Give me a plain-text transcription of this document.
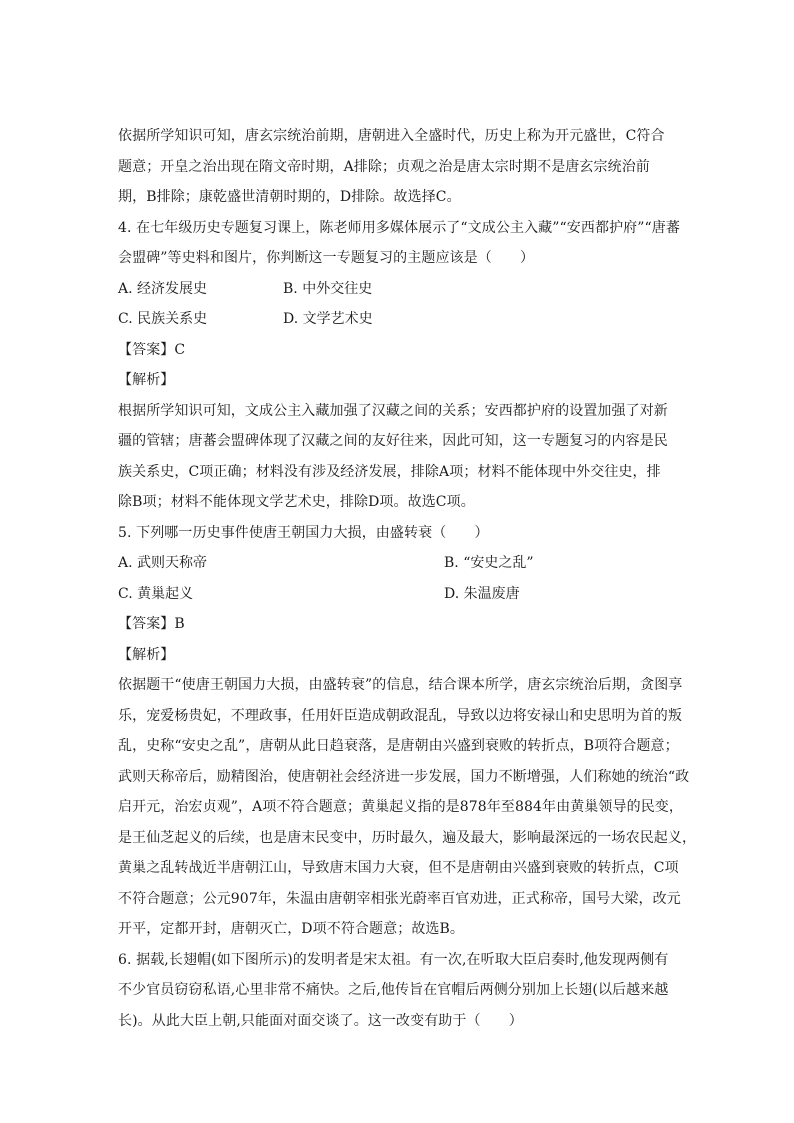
依据所学知识可知，唐玄宗统治前期，唐朝进入全盛时代，历史上称为开元盛世，C符合
题意；开皇之治出现在隋文帝时期，A排除；贞观之治是唐太宗时期不是唐玄宗统治前
期，B排除；康乾盛世清朝时期的，D排除。故选择C。
4. 在七年级历史专题复习课上，陈老师用多媒体展示了“文成公主入藏”“安西都护府”“唐蕃
会盟碑”等史料和图片，你判断这一专题复习的主题应该是（　　）
A. 经济发展史	B. 中外交往史
C. 民族关系史	D. 文学艺术史
【答案】C
【解析】
根据所学知识可知，文成公主入藏加强了汉藏之间的关系；安西都护府的设置加强了对新
疆的管辖；唐蕃会盟碑体现了汉藏之间的友好往来，因此可知，这一专题复习的内容是民
族关系史，C项正确；材料没有涉及经济发展，排除A项；材料不能体现中外交往史，排
除B项；材料不能体现文学艺术史，排除D项。故选C项。
5. 下列哪一历史事件使唐王朝国力大损，由盛转衰（　　）
A. 武则天称帝	B. “安史之乱”
C. 黄巢起义	D. 朱温废唐
【答案】B
【解析】
依据题干“使唐王朝国力大损，由盛转衰”的信息，结合课本所学，唐玄宗统治后期，贪图享
乐，宠爱杨贵妃，不理政事，任用奸臣造成朝政混乱，导致以边将安禄山和史思明为首的叛
乱，史称“安史之乱”，唐朝从此日趋衰落，是唐朝由兴盛到衰败的转折点，B项符合题意；
武则天称帝后，励精图治，使唐朝社会经济进一步发展，国力不断增强，人们称她的统治“政
启开元，治宏贞观”，A项不符合题意；黄巢起义指的是878年至884年由黄巢领导的民变，
是王仙芝起义的后续，也是唐末民变中，历时最久，遍及最大，影响最深远的一场农民起义，
黄巢之乱转战近半唐朝江山，导致唐末国力大衰，但不是唐朝由兴盛到衰败的转折点，C项
不符合题意；公元907年，朱温由唐朝宰相张光蔚率百官劝进，正式称帝，国号大梁，改元
开平，定都开封，唐朝灭亡，D项不符合题意；故选B。
6. 据载,长翅帽(如下图所示)的发明者是宋太祖。有一次,在听取大臣启奏时,他发现两侧有
不少官员窃窃私语,心里非常不痛快。之后,他传旨在官帽后两侧分别加上长翅(以后越来越
长)。从此大臣上朝,只能面对面交谈了。这一改变有助于（　　）
